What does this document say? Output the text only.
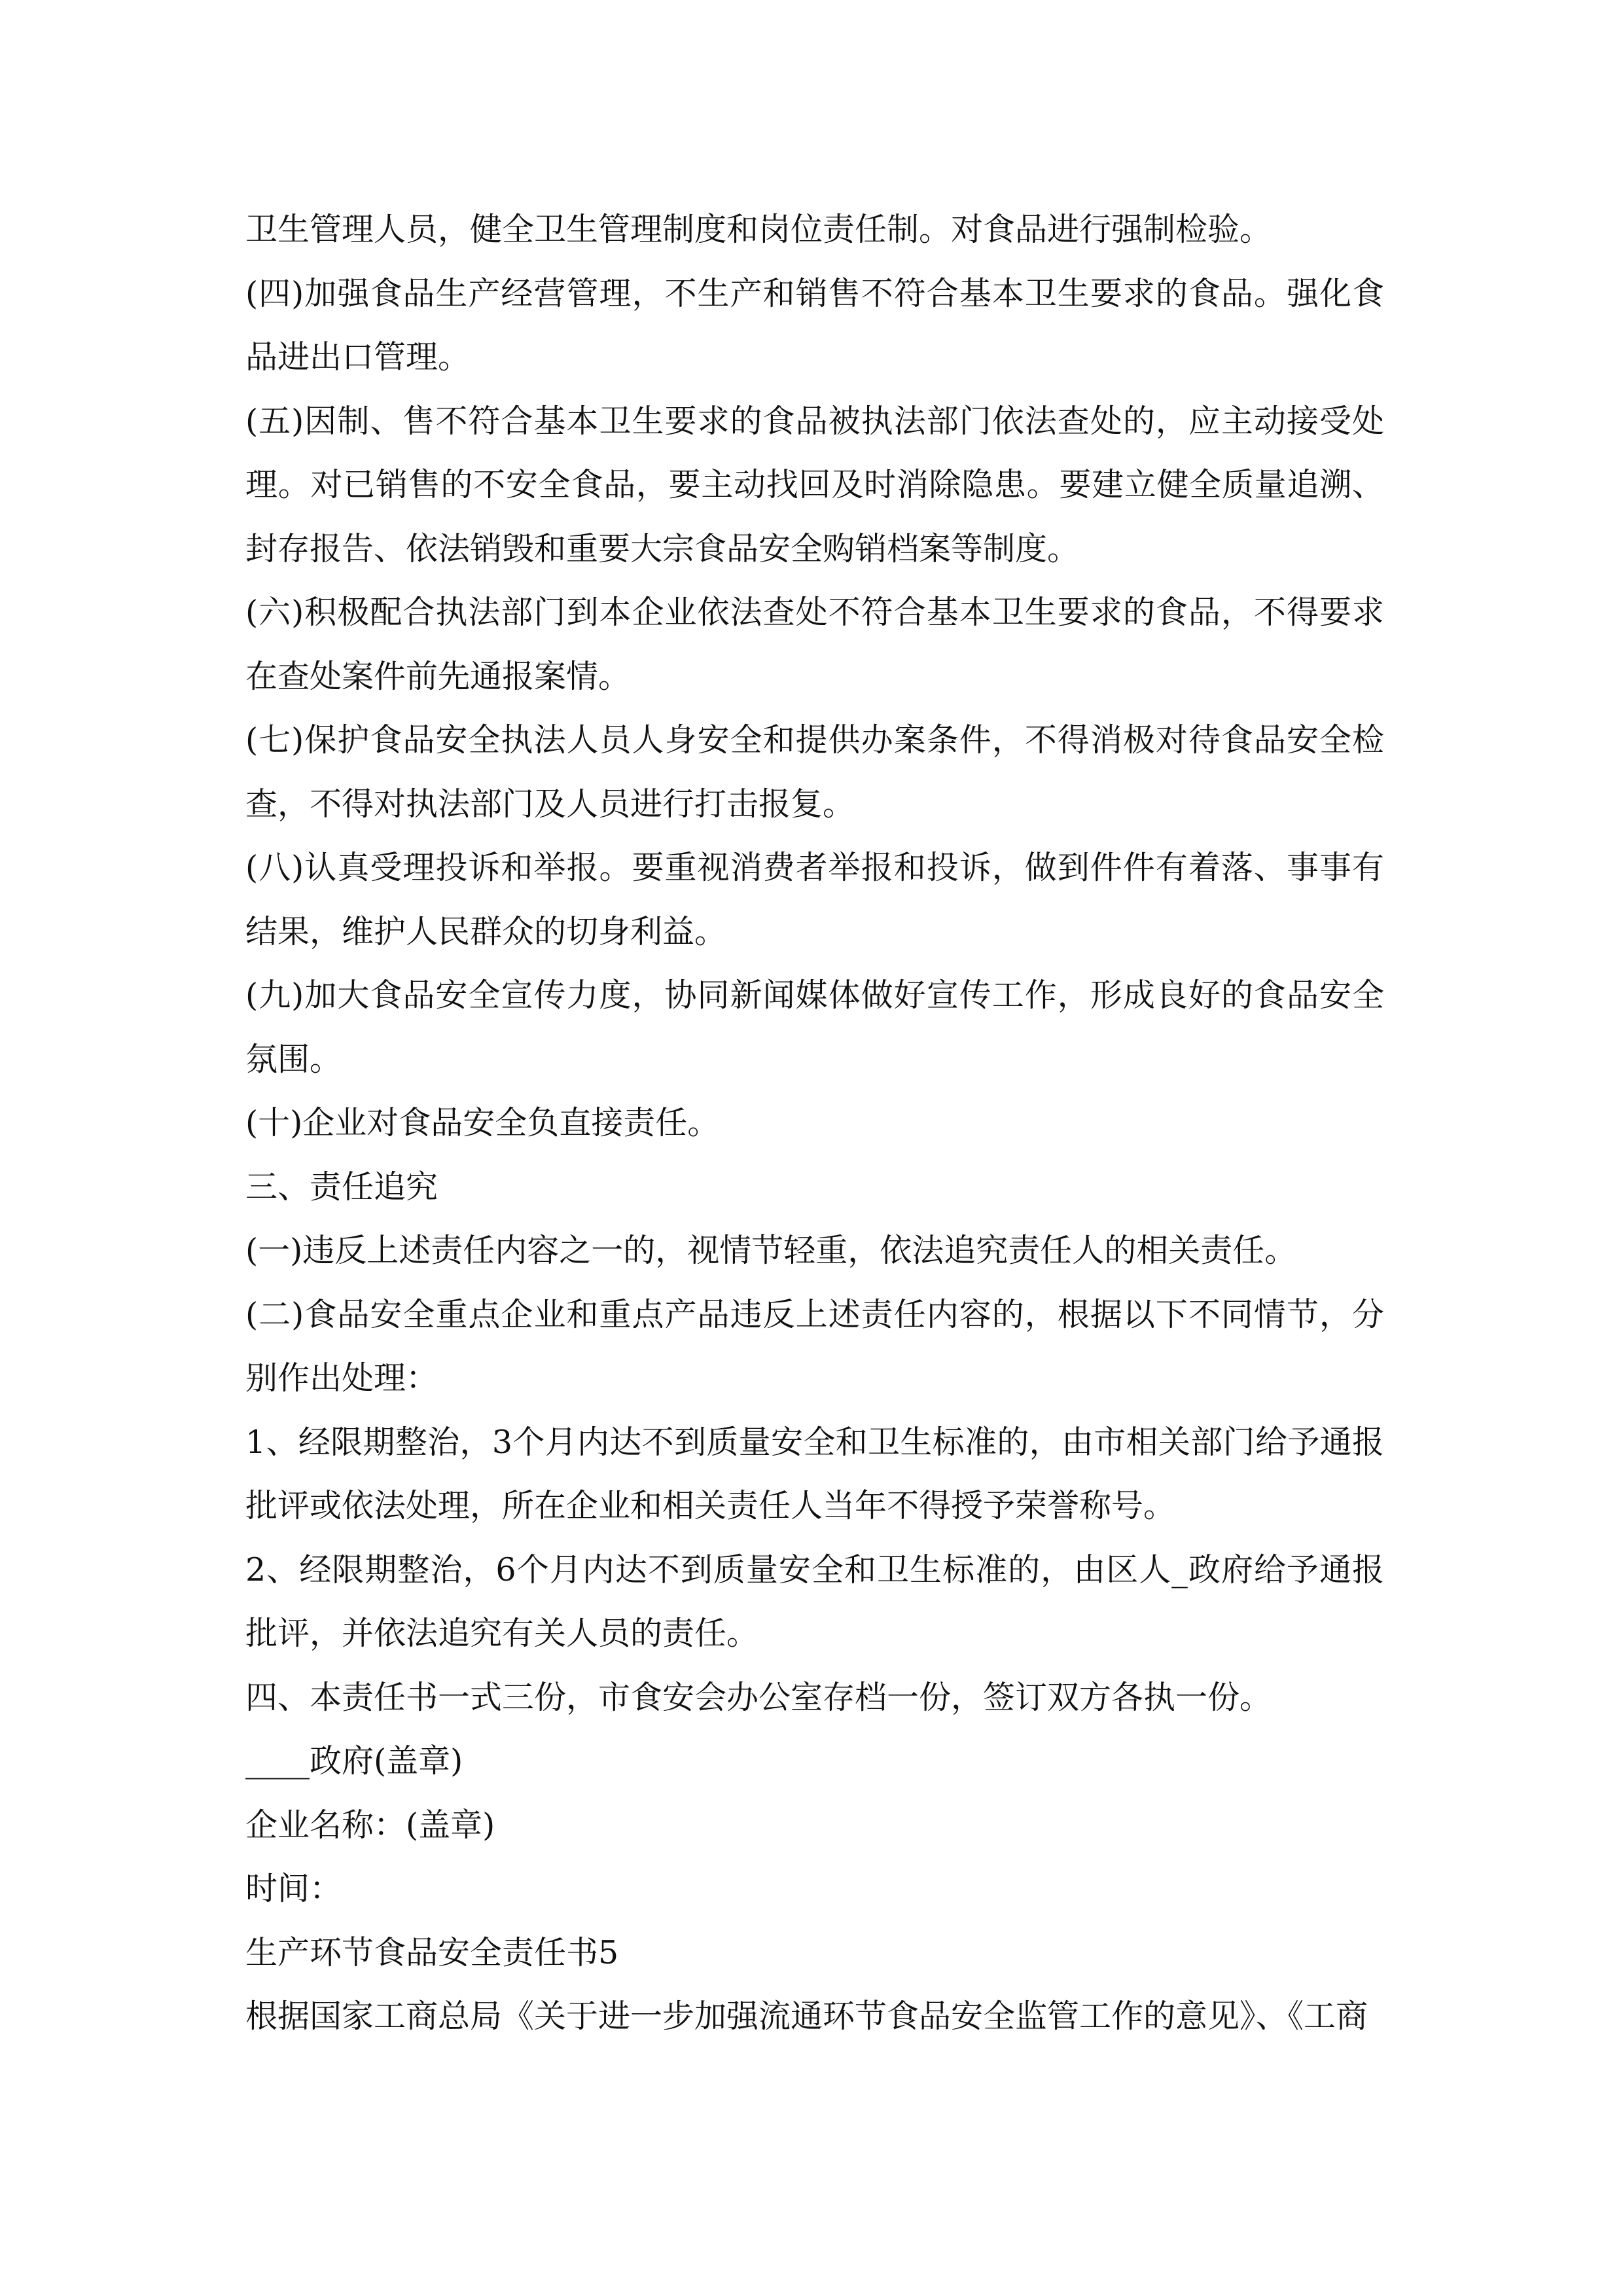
卫生管理人员，健全卫生管理制度和岗位责任制。对食品进行强制检验。

(四)加强食品生产经营管理，不生产和销售不符合基本卫生要求的食品。强化食品进出口管理。

(五)因制、售不符合基本卫生要求的食品被执法部门依法查处的，应主动接受处理。对已销售的不安全食品，要主动找回及时消除隐患。要建立健全质量追溯、封存报告、依法销毁和重要大宗食品安全购销档案等制度。

(六)积极配合执法部门到本企业依法查处不符合基本卫生要求的食品，不得要求在查处案件前先通报案情。

(七)保护食品安全执法人员人身安全和提供办案条件，不得消极对待食品安全检查，不得对执法部门及人员进行打击报复。

(八)认真受理投诉和举报。要重视消费者举报和投诉，做到件件有着落、事事有结果，维护人民群众的切身利益。

(九)加大食品安全宣传力度，协同新闻媒体做好宣传工作，形成良好的食品安全氛围。

(十)企业对食品安全负直接责任。

三、责任追究

(一)违反上述责任内容之一的，视情节轻重，依法追究责任人的相关责任。

(二)食品安全重点企业和重点产品违反上述责任内容的，根据以下不同情节，分别作出处理：

1、经限期整治，3个月内达不到质量安全和卫生标准的，由市相关部门给予通报批评或依法处理，所在企业和相关责任人当年不得授予荣誉称号。

2、经限期整治，6个月内达不到质量安全和卫生标准的，由区人_政府给予通报批评，并依法追究有关人员的责任。

四、本责任书一式三份，市食安会办公室存档一份，签订双方各执一份。

____政府(盖章)

企业名称：(盖章)

时间：

生产环节食品安全责任书5

根据国家工商总局《关于进一步加强流通环节食品安全监管工作的意见》、《工商
